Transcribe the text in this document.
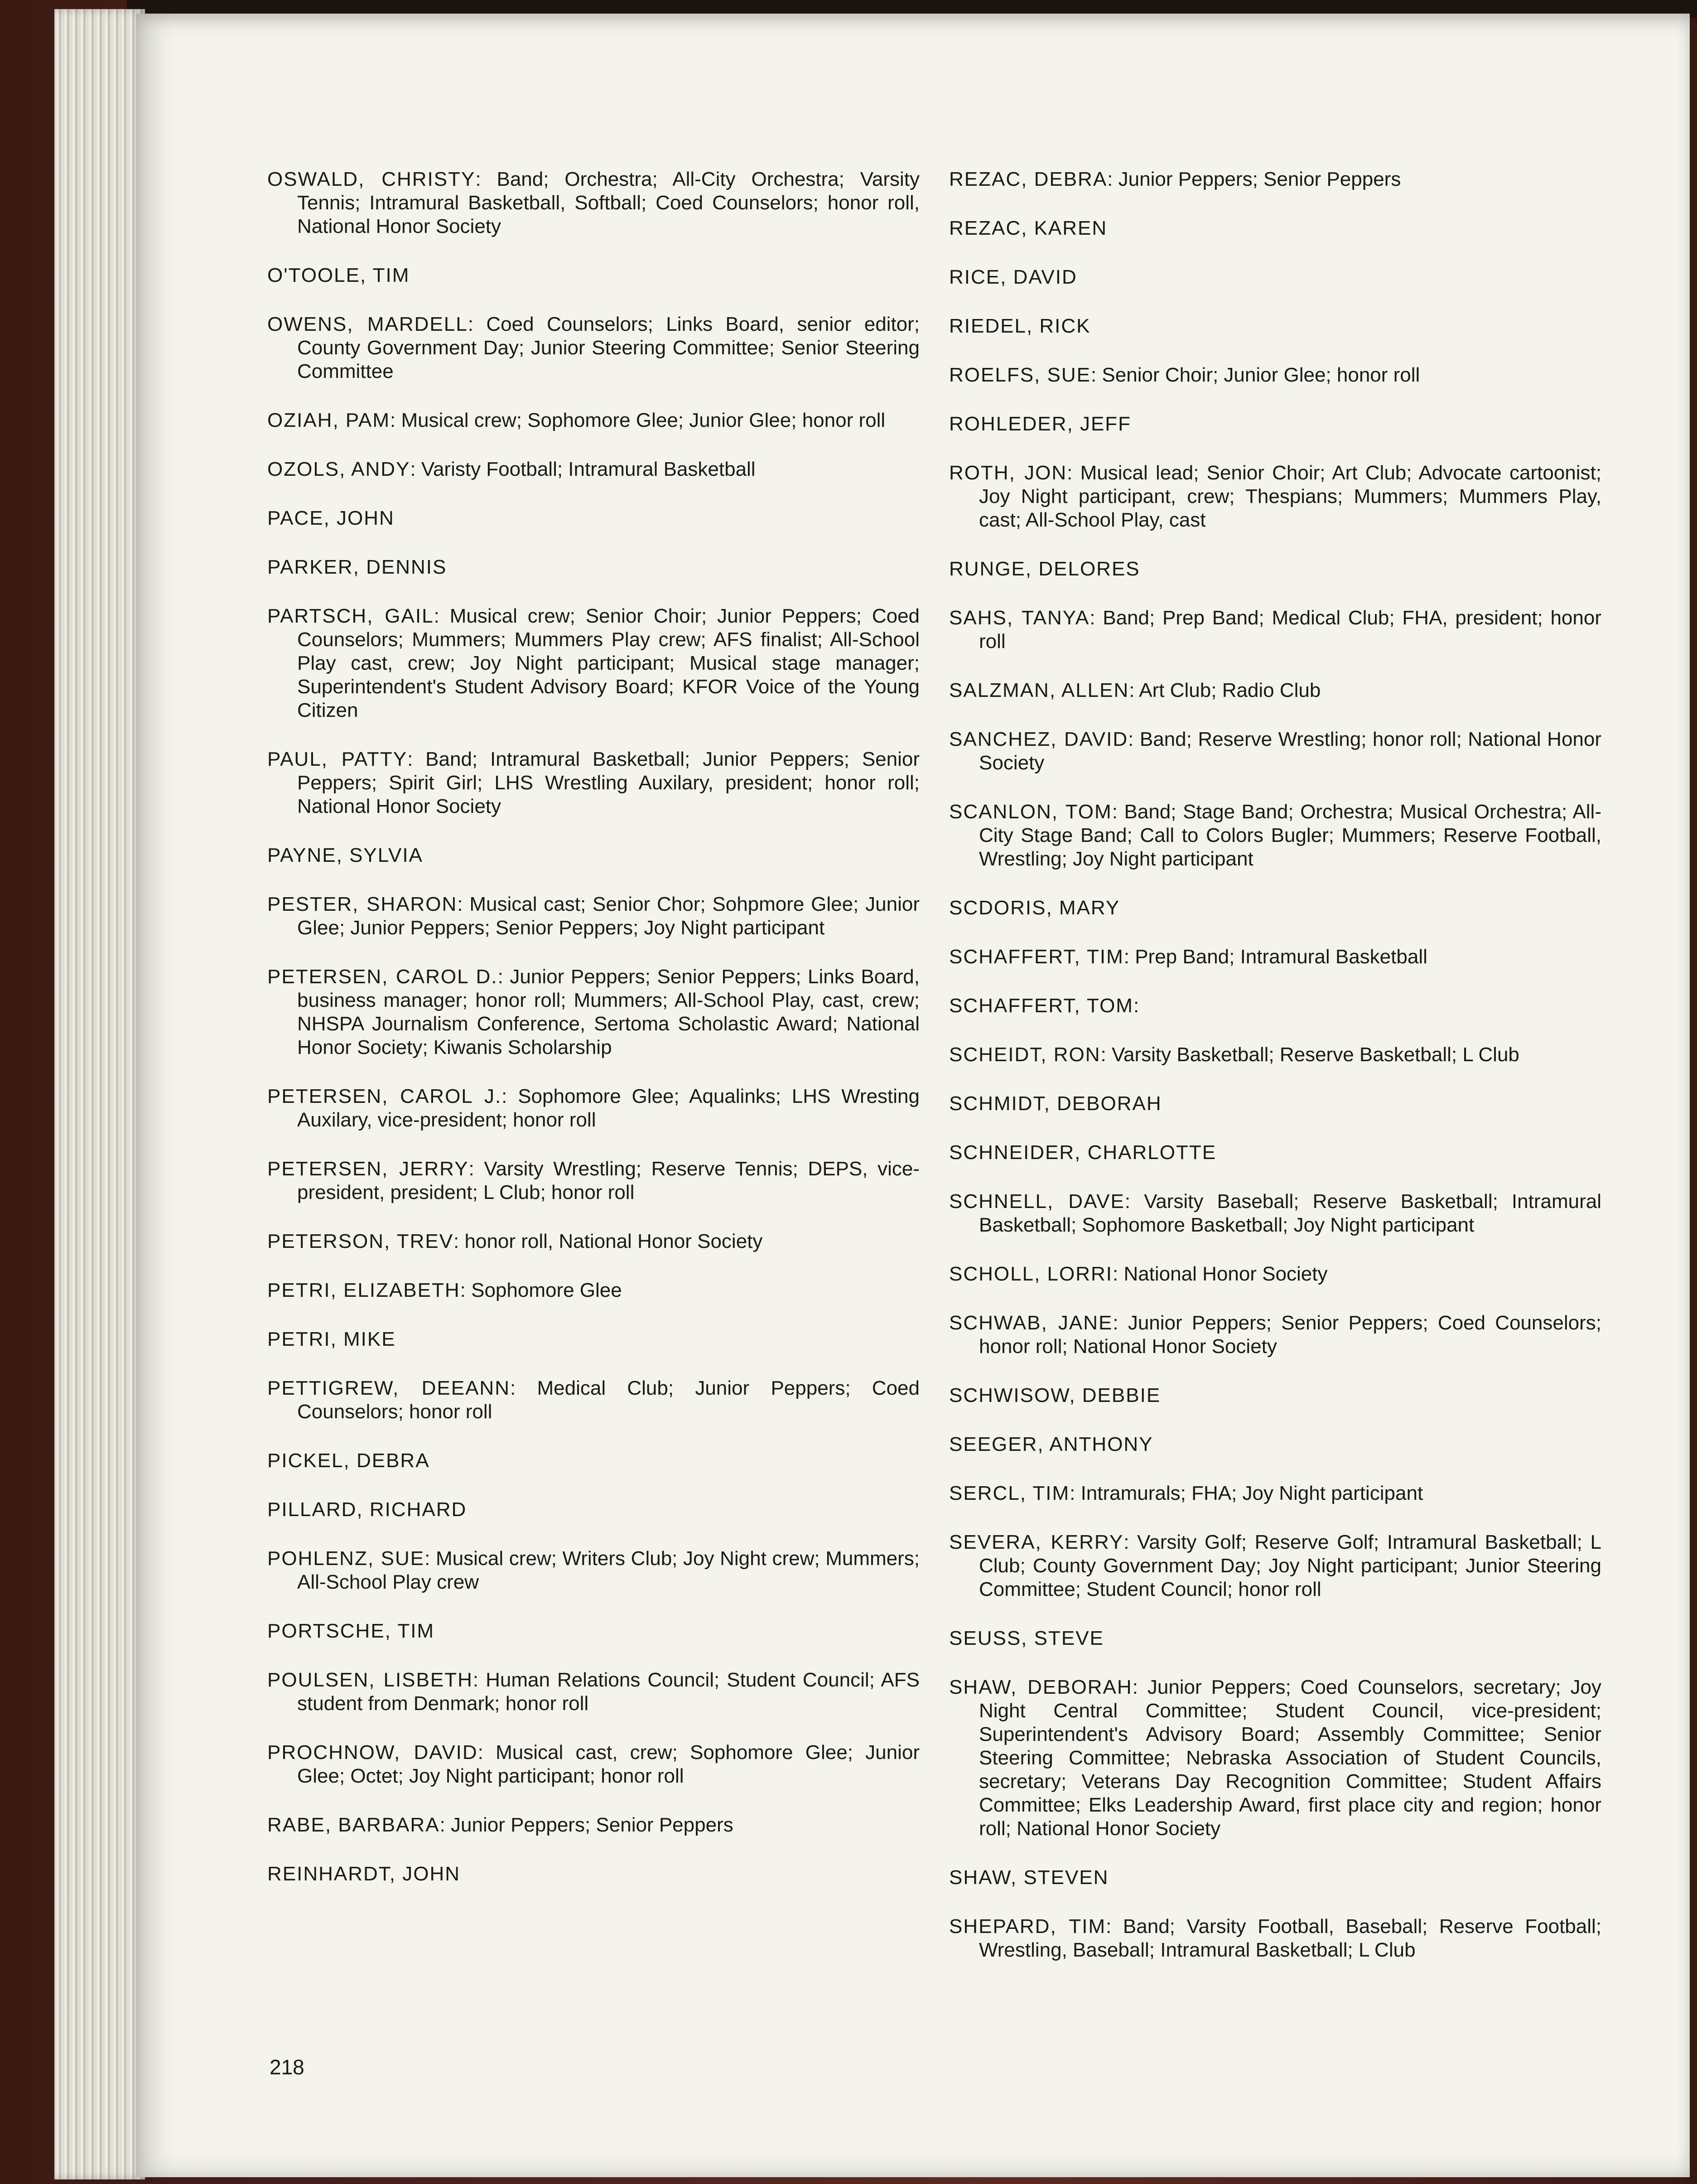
OSWALD, CHRISTY: Band; Orchestra; All-City Orchestra; Varsity Tennis; Intramural Basketball, Softball; Coed Counselors; honor roll, National Honor Society
O'TOOLE, TIM
OWENS, MARDELL: Coed Counselors; Links Board, senior editor; County Government Day; Junior Steering Committee; Senior Steering Committee
OZIAH, PAM: Musical crew; Sophomore Glee; Junior Glee; honor roll
OZOLS, ANDY: Varisty Football; Intramural Basketball
PACE, JOHN
PARKER, DENNIS
PARTSCH, GAIL: Musical crew; Senior Choir; Junior Peppers; Coed Counselors; Mummers; Mummers Play crew; AFS finalist; All-School Play cast, crew; Joy Night participant; Musical stage manager; Superintendent's Student Advisory Board; KFOR Voice of the Young Citizen
PAUL, PATTY: Band; Intramural Basketball; Junior Peppers; Senior Peppers; Spirit Girl; LHS Wrestling Auxilary, president; honor roll; National Honor Society
PAYNE, SYLVIA
PESTER, SHARON: Musical cast; Senior Chor; Sohpmore Glee; Junior Glee; Junior Peppers; Senior Peppers; Joy Night participant
PETERSEN, CAROL D.: Junior Peppers; Senior Peppers; Links Board, business manager; honor roll; Mummers; All-School Play, cast, crew; NHSPA Journalism Conference, Sertoma Scholastic Award; National Honor Society; Kiwanis Scholarship
PETERSEN, CAROL J.: Sophomore Glee; Aqualinks; LHS Wresting Auxilary, vice-president; honor roll
PETERSEN, JERRY: Varsity Wrestling; Reserve Tennis; DEPS, vice-president, president; L Club; honor roll
PETERSON, TREV: honor roll, National Honor Society
PETRI, ELIZABETH: Sophomore Glee
PETRI, MIKE
PETTIGREW, DEEANN: Medical Club; Junior Peppers; Coed Counselors; honor roll
PICKEL, DEBRA
PILLARD, RICHARD
POHLENZ, SUE: Musical crew; Writers Club; Joy Night crew; Mummers; All-School Play crew
PORTSCHE, TIM
POULSEN, LISBETH: Human Relations Council; Student Council; AFS student from Denmark; honor roll
PROCHNOW, DAVID: Musical cast, crew; Sophomore Glee; Junior Glee; Octet; Joy Night participant; honor roll
RABE, BARBARA: Junior Peppers; Senior Peppers
REINHARDT, JOHN
REZAC, DEBRA: Junior Peppers; Senior Peppers
REZAC, KAREN
RICE, DAVID
RIEDEL, RICK
ROELFS, SUE: Senior Choir; Junior Glee; honor roll
ROHLEDER, JEFF
ROTH, JON: Musical lead; Senior Choir; Art Club; Advocate cartoonist; Joy Night participant, crew; Thespians; Mummers; Mummers Play, cast; All-School Play, cast
RUNGE, DELORES
SAHS, TANYA: Band; Prep Band; Medical Club; FHA, president; honor roll
SALZMAN, ALLEN: Art Club; Radio Club
SANCHEZ, DAVID: Band; Reserve Wrestling; honor roll; National Honor Society
SCANLON, TOM: Band; Stage Band; Orchestra; Musical Orchestra; All-City Stage Band; Call to Colors Bugler; Mummers; Reserve Football, Wrestling; Joy Night participant
SCDORIS, MARY
SCHAFFERT, TIM: Prep Band; Intramural Basketball
SCHAFFERT, TOM:
SCHEIDT, RON: Varsity Basketball; Reserve Basketball; L Club
SCHMIDT, DEBORAH
SCHNEIDER, CHARLOTTE
SCHNELL, DAVE: Varsity Baseball; Reserve Basketball; Intramural Basketball; Sophomore Basketball; Joy Night participant
SCHOLL, LORRI: National Honor Society
SCHWAB, JANE: Junior Peppers; Senior Peppers; Coed Counselors; honor roll; National Honor Society
SCHWISOW, DEBBIE
SEEGER, ANTHONY
SERCL, TIM: Intramurals; FHA; Joy Night participant
SEVERA, KERRY: Varsity Golf; Reserve Golf; Intramural Basketball; L Club; County Government Day; Joy Night participant; Junior Steering Committee; Student Council; honor roll
SEUSS, STEVE
SHAW, DEBORAH: Junior Peppers; Coed Counselors, secretary; Joy Night Central Committee; Student Council, vice-president; Superintendent's Advisory Board; Assembly Committee; Senior Steering Committee; Nebraska Association of Student Councils, secretary; Veterans Day Recognition Committee; Student Affairs Committee; Elks Leadership Award, first place city and region; honor roll; National Honor Society
SHAW, STEVEN
SHEPARD, TIM: Band; Varsity Football, Baseball; Reserve Football; Wrestling, Baseball; Intramural Basketball; L Club
218
